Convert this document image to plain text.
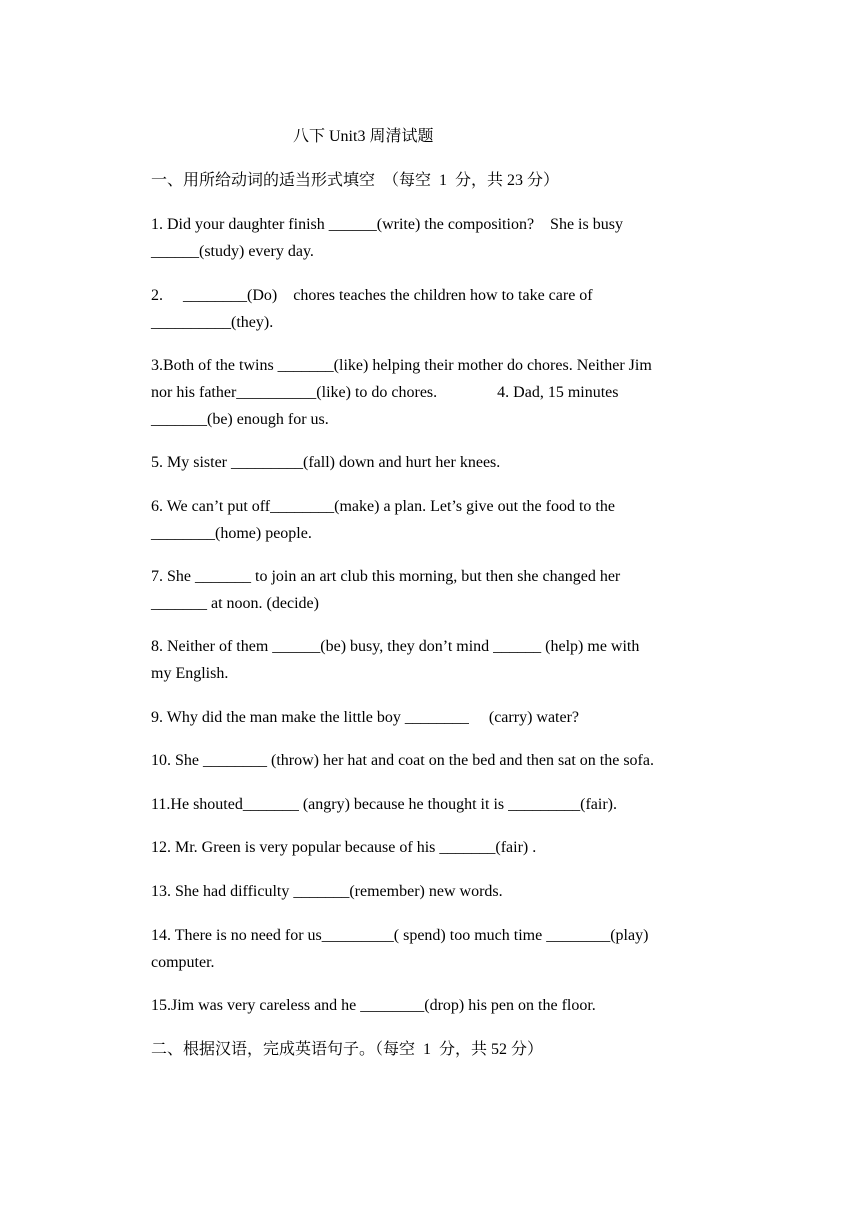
八下 Unit3 周清试题
一、用所给动词的适当形式填空　（每空  1  分，共 23 分）
1. Did your daughter finish ______(write) the composition?    She is busy
______(study) every day.
2.     ________(Do)    chores teaches the children how to take care of
__________(they).
3.Both of the twins _______(like) helping their mother do chores. Neither Jim
nor his father__________(like) to do chores.               4. Dad, 15 minutes
_______(be) enough for us.
5. My sister _________(fall) down and hurt her knees.
6. We can’t put off________(make) a plan. Let’s give out the food to the
________(home) people.
7. She _______ to join an art club this morning, but then she changed her
_______ at noon. (decide)
8. Neither of them ______(be) busy, they don’t mind ______ (help) me with
my English.
9. Why did the man make the little boy ________     (carry) water?
10. She ________ (throw) her hat and coat on the bed and then sat on the sofa.
11.He shouted_______ (angry) because he thought it is _________(fair).
12. Mr. Green is very popular because of his _______(fair) .
13. She had difficulty _______(remember) new words.
14. There is no need for us_________( spend) too much time ________(play)
computer.
15.Jim was very careless and he ________(drop) his pen on the floor.
二、根据汉语，完成英语句子。（每空  1  分，共 52 分）
